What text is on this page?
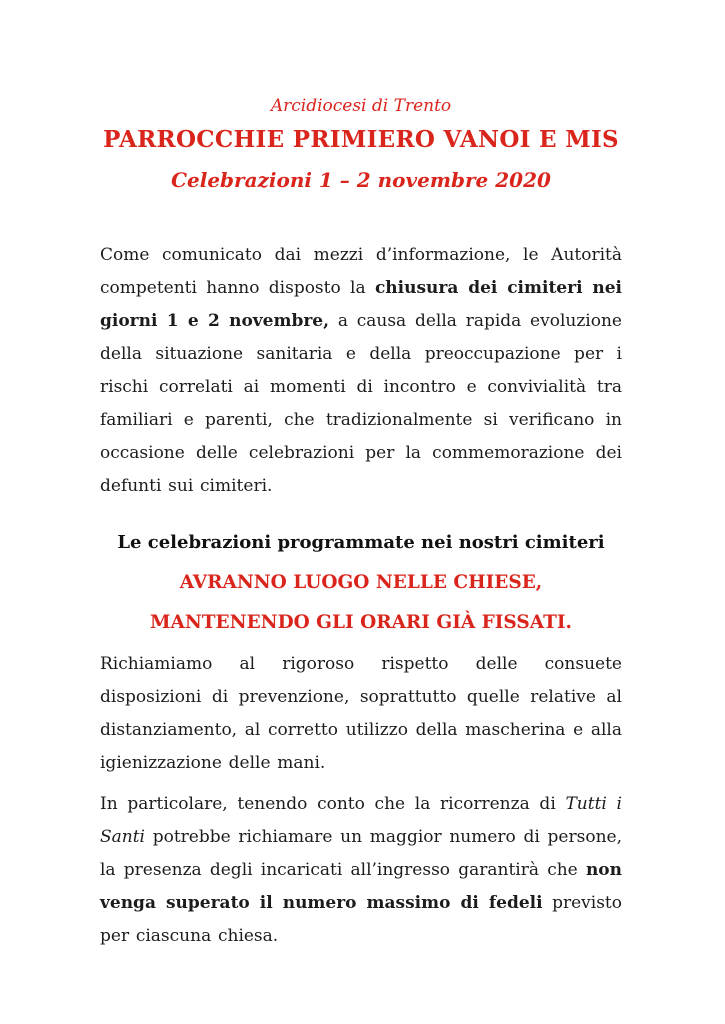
Arcidiocesi di Trento
PARROCCHIE PRIMIERO VANOI E MIS
Celebrazioni 1 – 2 novembre 2020

Come comunicato dai mezzi d’informazione, le Autorità competenti hanno disposto la chiusura dei cimiteri nei giorni 1 e 2 novembre, a causa della rapida evoluzione della situazione sanitaria e della preoccupazione per i rischi correlati ai momenti di incontro e convivialità tra familiari e parenti, che tradizionalmente si verificano in occasione delle celebrazioni per la commemorazione dei defunti sui cimiteri.

Le celebrazioni programmate nei nostri cimiteri

AVRANNO LUOGO NELLE CHIESE,

MANTENENDO GLI ORARI GIÀ FISSATI.

Richiamiamo al rigoroso rispetto delle consuete disposizioni di prevenzione, soprattutto quelle relative al distanziamento, al corretto utilizzo della mascherina e alla igienizzazione delle mani.

In particolare, tenendo conto che la ricorrenza di Tutti i Santi potrebbe richiamare un maggior numero di persone, la presenza degli incaricati all’ingresso garantirà che non venga superato il numero massimo di fedeli previsto per ciascuna chiesa.
